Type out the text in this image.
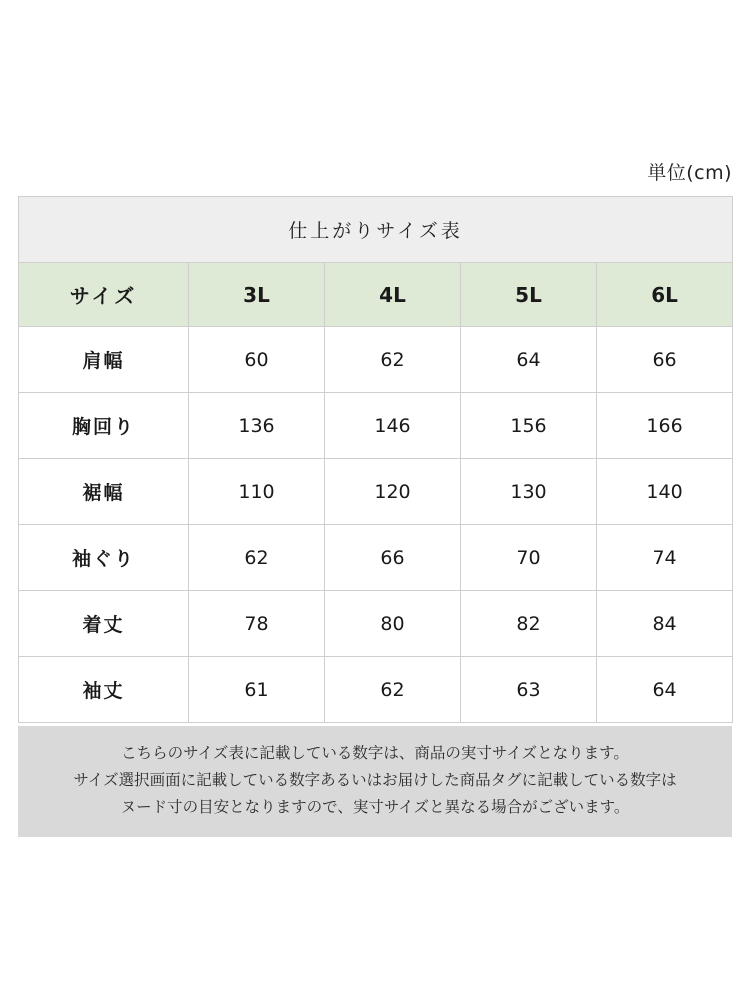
単位(cm)
仕上がりサイズ表				
サイズ	3L	4L	5L	6L
肩幅	60	62	64	66
胸回り	136	146	156	166
裾幅	110	120	130	140
袖ぐり	62	66	70	74
着丈	78	80	82	84
袖丈	61	62	63	64
こちらのサイズ表に記載している数字は、商品の実寸サイズとなります。
サイズ選択画面に記載している数字あるいはお届けした商品タグに記載している数字は
ヌード寸の目安となりますので、実寸サイズと異なる場合がございます。
